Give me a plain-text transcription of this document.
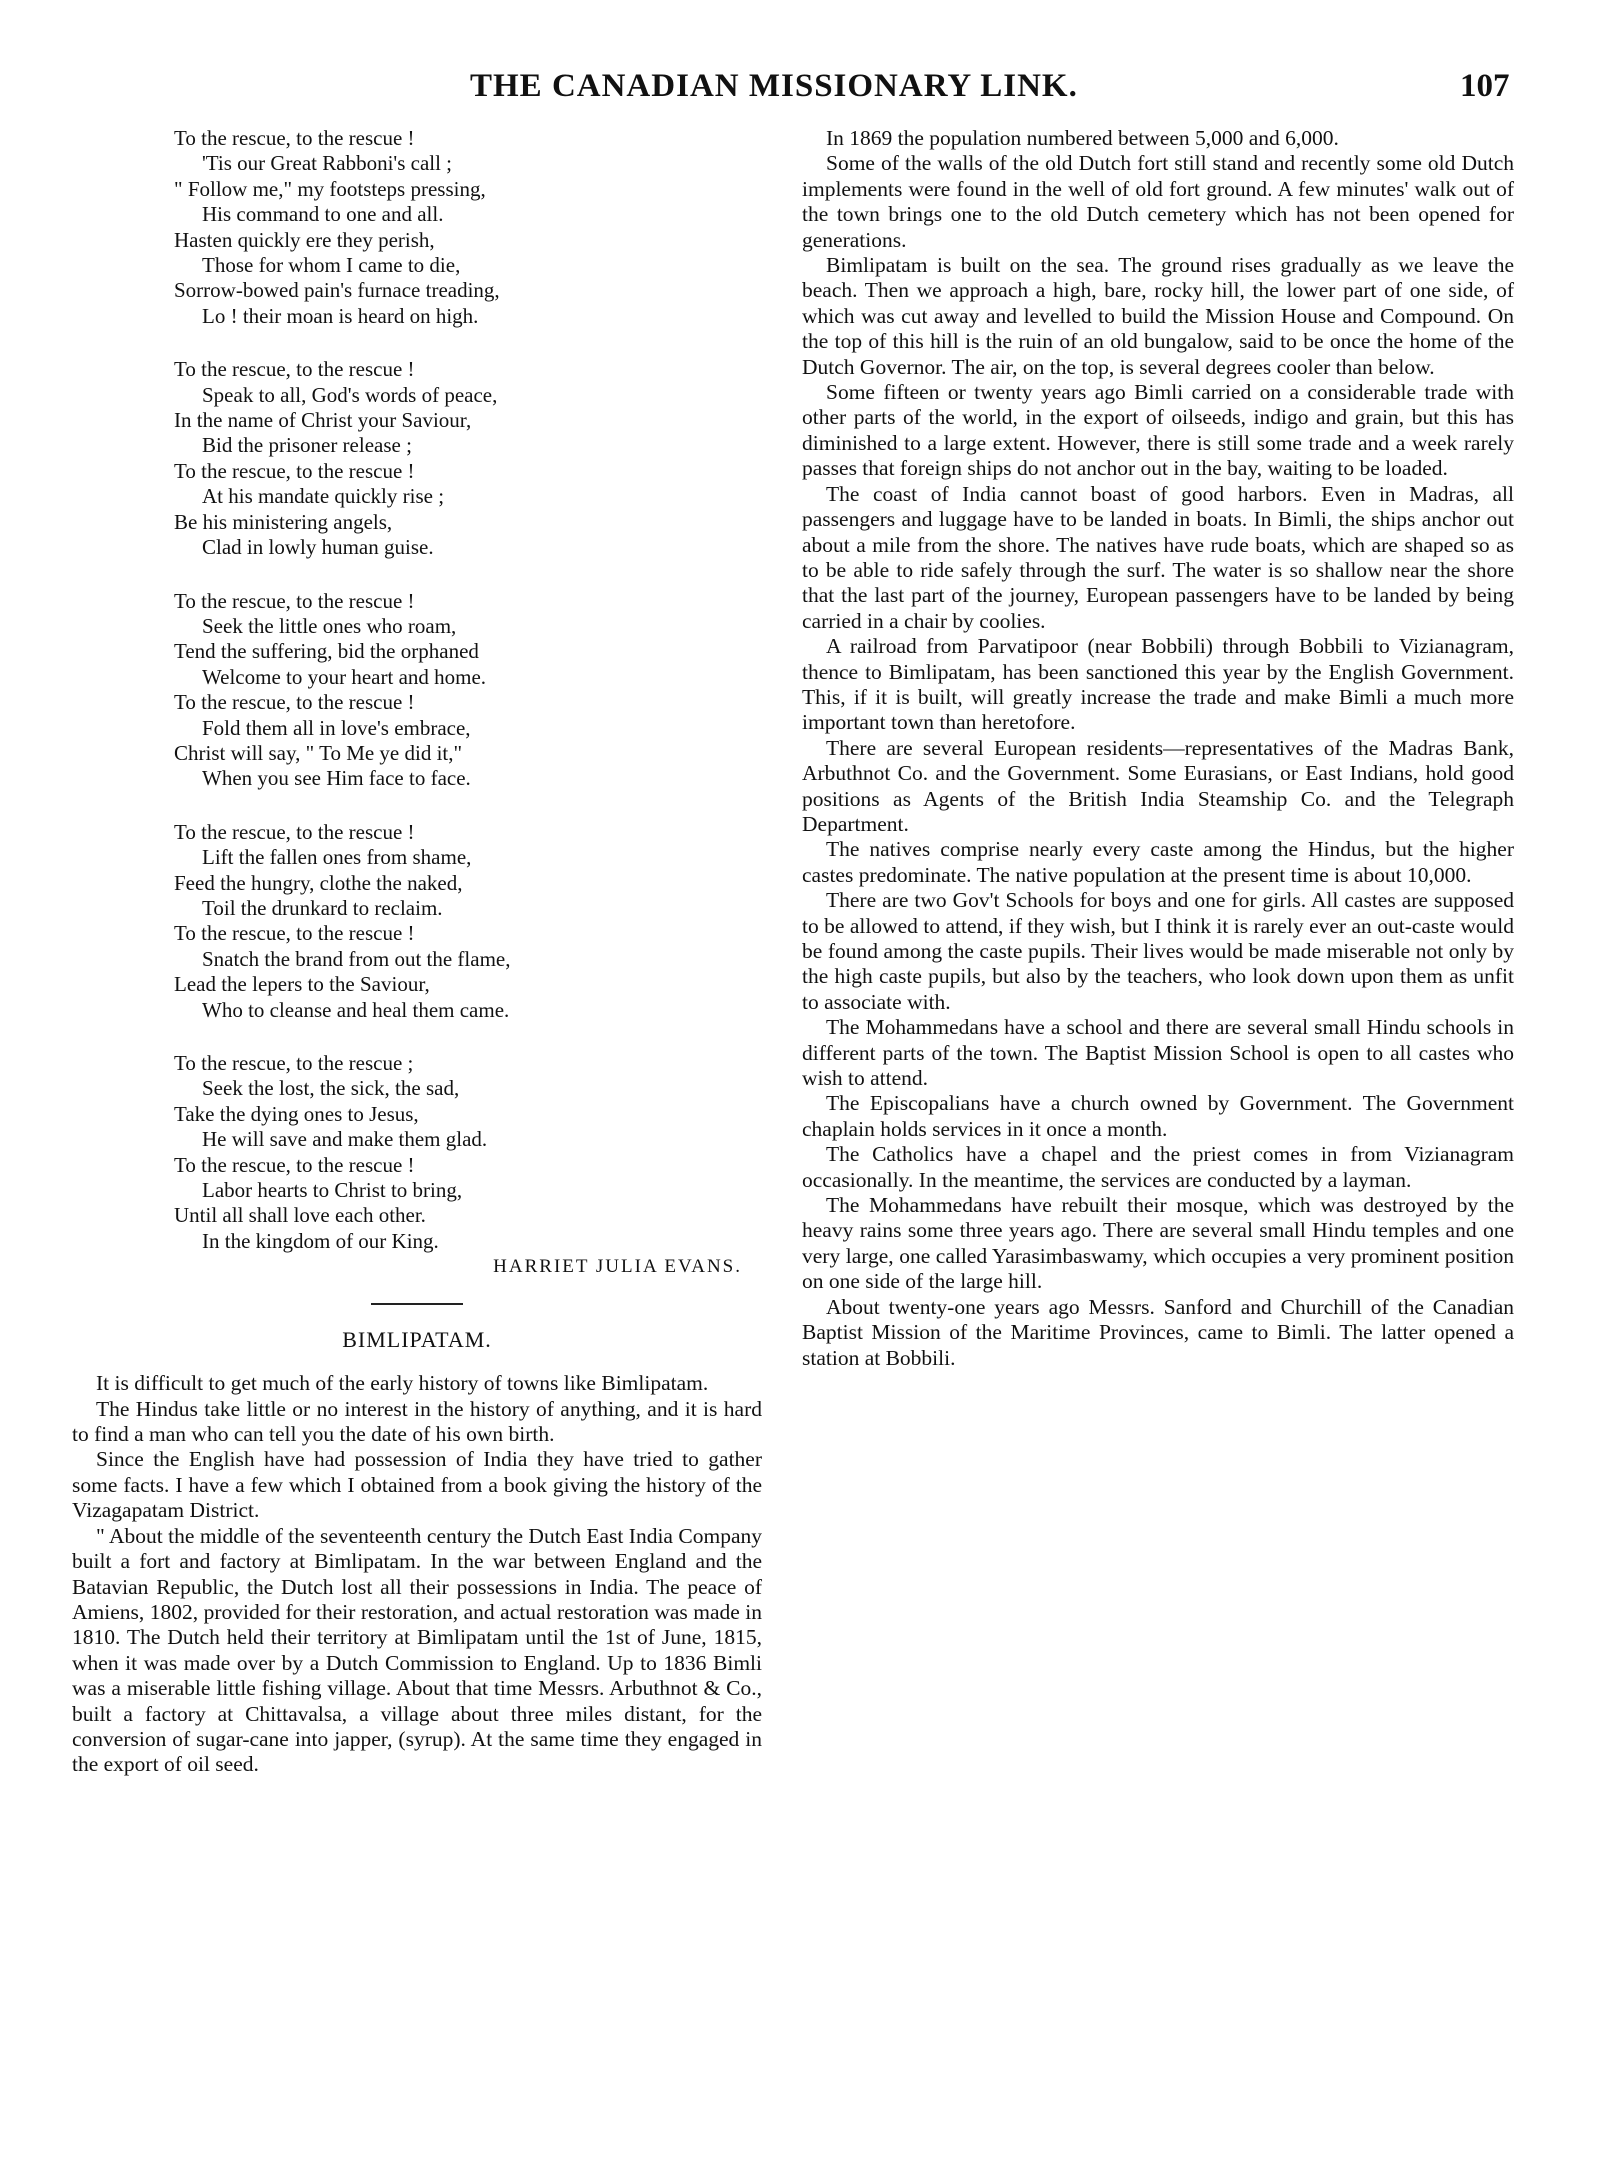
THE CANADIAN MISSIONARY LINK.	107
To the rescue, to the rescue !
'Tis our Great Rabboni's call ;
" Follow me," my footsteps pressing,
His command to one and all.
Hasten quickly ere they perish,
Those for whom I came to die,
Sorrow-bowed pain's furnace treading,
Lo ! their moan is heard on high.
To the rescue, to the rescue !
Speak to all, God's words of peace,
In the name of Christ your Saviour,
Bid the prisoner release ;
To the rescue, to the rescue !
At his mandate quickly rise ;
Be his ministering angels,
Clad in lowly human guise.
To the rescue, to the rescue !
Seek the little ones who roam,
Tend the suffering, bid the orphaned
Welcome to your heart and home.
To the rescue, to the rescue !
Fold them all in love's embrace,
Christ will say, " To Me ye did it,"
When you see Him face to face.
To the rescue, to the rescue !
Lift the fallen ones from shame,
Feed the hungry, clothe the naked,
Toil the drunkard to reclaim.
To the rescue, to the rescue !
Snatch the brand from out the flame,
Lead the lepers to the Saviour,
Who to cleanse and heal them came.
To the rescue, to the rescue ;
Seek the lost, the sick, the sad,
Take the dying ones to Jesus,
He will save and make them glad.
To the rescue, to the rescue !
Labor hearts to Christ to bring,
Until all shall love each other.
In the kingdom of our King.
HARRIET JULIA EVANS.
BIMLIPATAM.

It is difficult to get much of the early history of towns like Bimlipatam.

The Hindus take little or no interest in the history of anything, and it is hard to find a man who can tell you the date of his own birth.

Since the English have had possession of India they have tried to gather some facts. I have a few which I obtained from a book giving the history of the Vizagapatam District.

" About the middle of the seventeenth century the Dutch East India Company built a fort and factory at Bimlipatam. In the war between England and the Batavian Republic, the Dutch lost all their possessions in India. The peace of Amiens, 1802, provided for their restoration, and actual restoration was made in 1810. The Dutch held their territory at Bimlipatam until the 1st of June, 1815, when it was made over by a Dutch Commission to England. Up to 1836 Bimli was a miserable little fishing village. About that time Messrs. Arbuthnot & Co., built a factory at Chittavalsa, a village about three miles distant, for the conversion of sugar-cane into japper, (syrup). At the same time they engaged in the export of oil seed.

In 1869 the population numbered between 5,000 and 6,000.

Some of the walls of the old Dutch fort still stand and recently some old Dutch implements were found in the well of old fort ground. A few minutes' walk out of the town brings one to the old Dutch cemetery which has not been opened for generations.

Bimlipatam is built on the sea. The ground rises gradually as we leave the beach. Then we approach a high, bare, rocky hill, the lower part of one side, of which was cut away and levelled to build the Mission House and Compound. On the top of this hill is the ruin of an old bungalow, said to be once the home of the Dutch Governor. The air, on the top, is several degrees cooler than below.

Some fifteen or twenty years ago Bimli carried on a considerable trade with other parts of the world, in the export of oilseeds, indigo and grain, but this has diminished to a large extent. However, there is still some trade and a week rarely passes that foreign ships do not anchor out in the bay, waiting to be loaded.

The coast of India cannot boast of good harbors. Even in Madras, all passengers and luggage have to be landed in boats. In Bimli, the ships anchor out about a mile from the shore. The natives have rude boats, which are shaped so as to be able to ride safely through the surf. The water is so shallow near the shore that the last part of the journey, European passengers have to be landed by being carried in a chair by coolies.

A railroad from Parvatipoor (near Bobbili) through Bobbili to Vizianagram, thence to Bimlipatam, has been sanctioned this year by the English Government. This, if it is built, will greatly increase the trade and make Bimli a much more important town than heretofore.

There are several European residents—representatives of the Madras Bank, Arbuthnot Co. and the Government. Some Eurasians, or East Indians, hold good positions as Agents of the British India Steamship Co. and the Telegraph Department.

The natives comprise nearly every caste among the Hindus, but the higher castes predominate. The native population at the present time is about 10,000.

There are two Gov't Schools for boys and one for girls. All castes are supposed to be allowed to attend, if they wish, but I think it is rarely ever an out-caste would be found among the caste pupils. Their lives would be made miserable not only by the high caste pupils, but also by the teachers, who look down upon them as unfit to associate with.

The Mohammedans have a school and there are several small Hindu schools in different parts of the town. The Baptist Mission School is open to all castes who wish to attend.

The Episcopalians have a church owned by Government. The Government chaplain holds services in it once a month.

The Catholics have a chapel and the priest comes in from Vizianagram occasionally. In the meantime, the services are conducted by a layman.

The Mohammedans have rebuilt their mosque, which was destroyed by the heavy rains some three years ago. There are several small Hindu temples and one very large, one called Yarasimbaswamy, which occupies a very prominent position on one side of the large hill.

About twenty-one years ago Messrs. Sanford and Churchill of the Canadian Baptist Mission of the Maritime Provinces, came to Bimli. The latter opened a station at Bobbili.
